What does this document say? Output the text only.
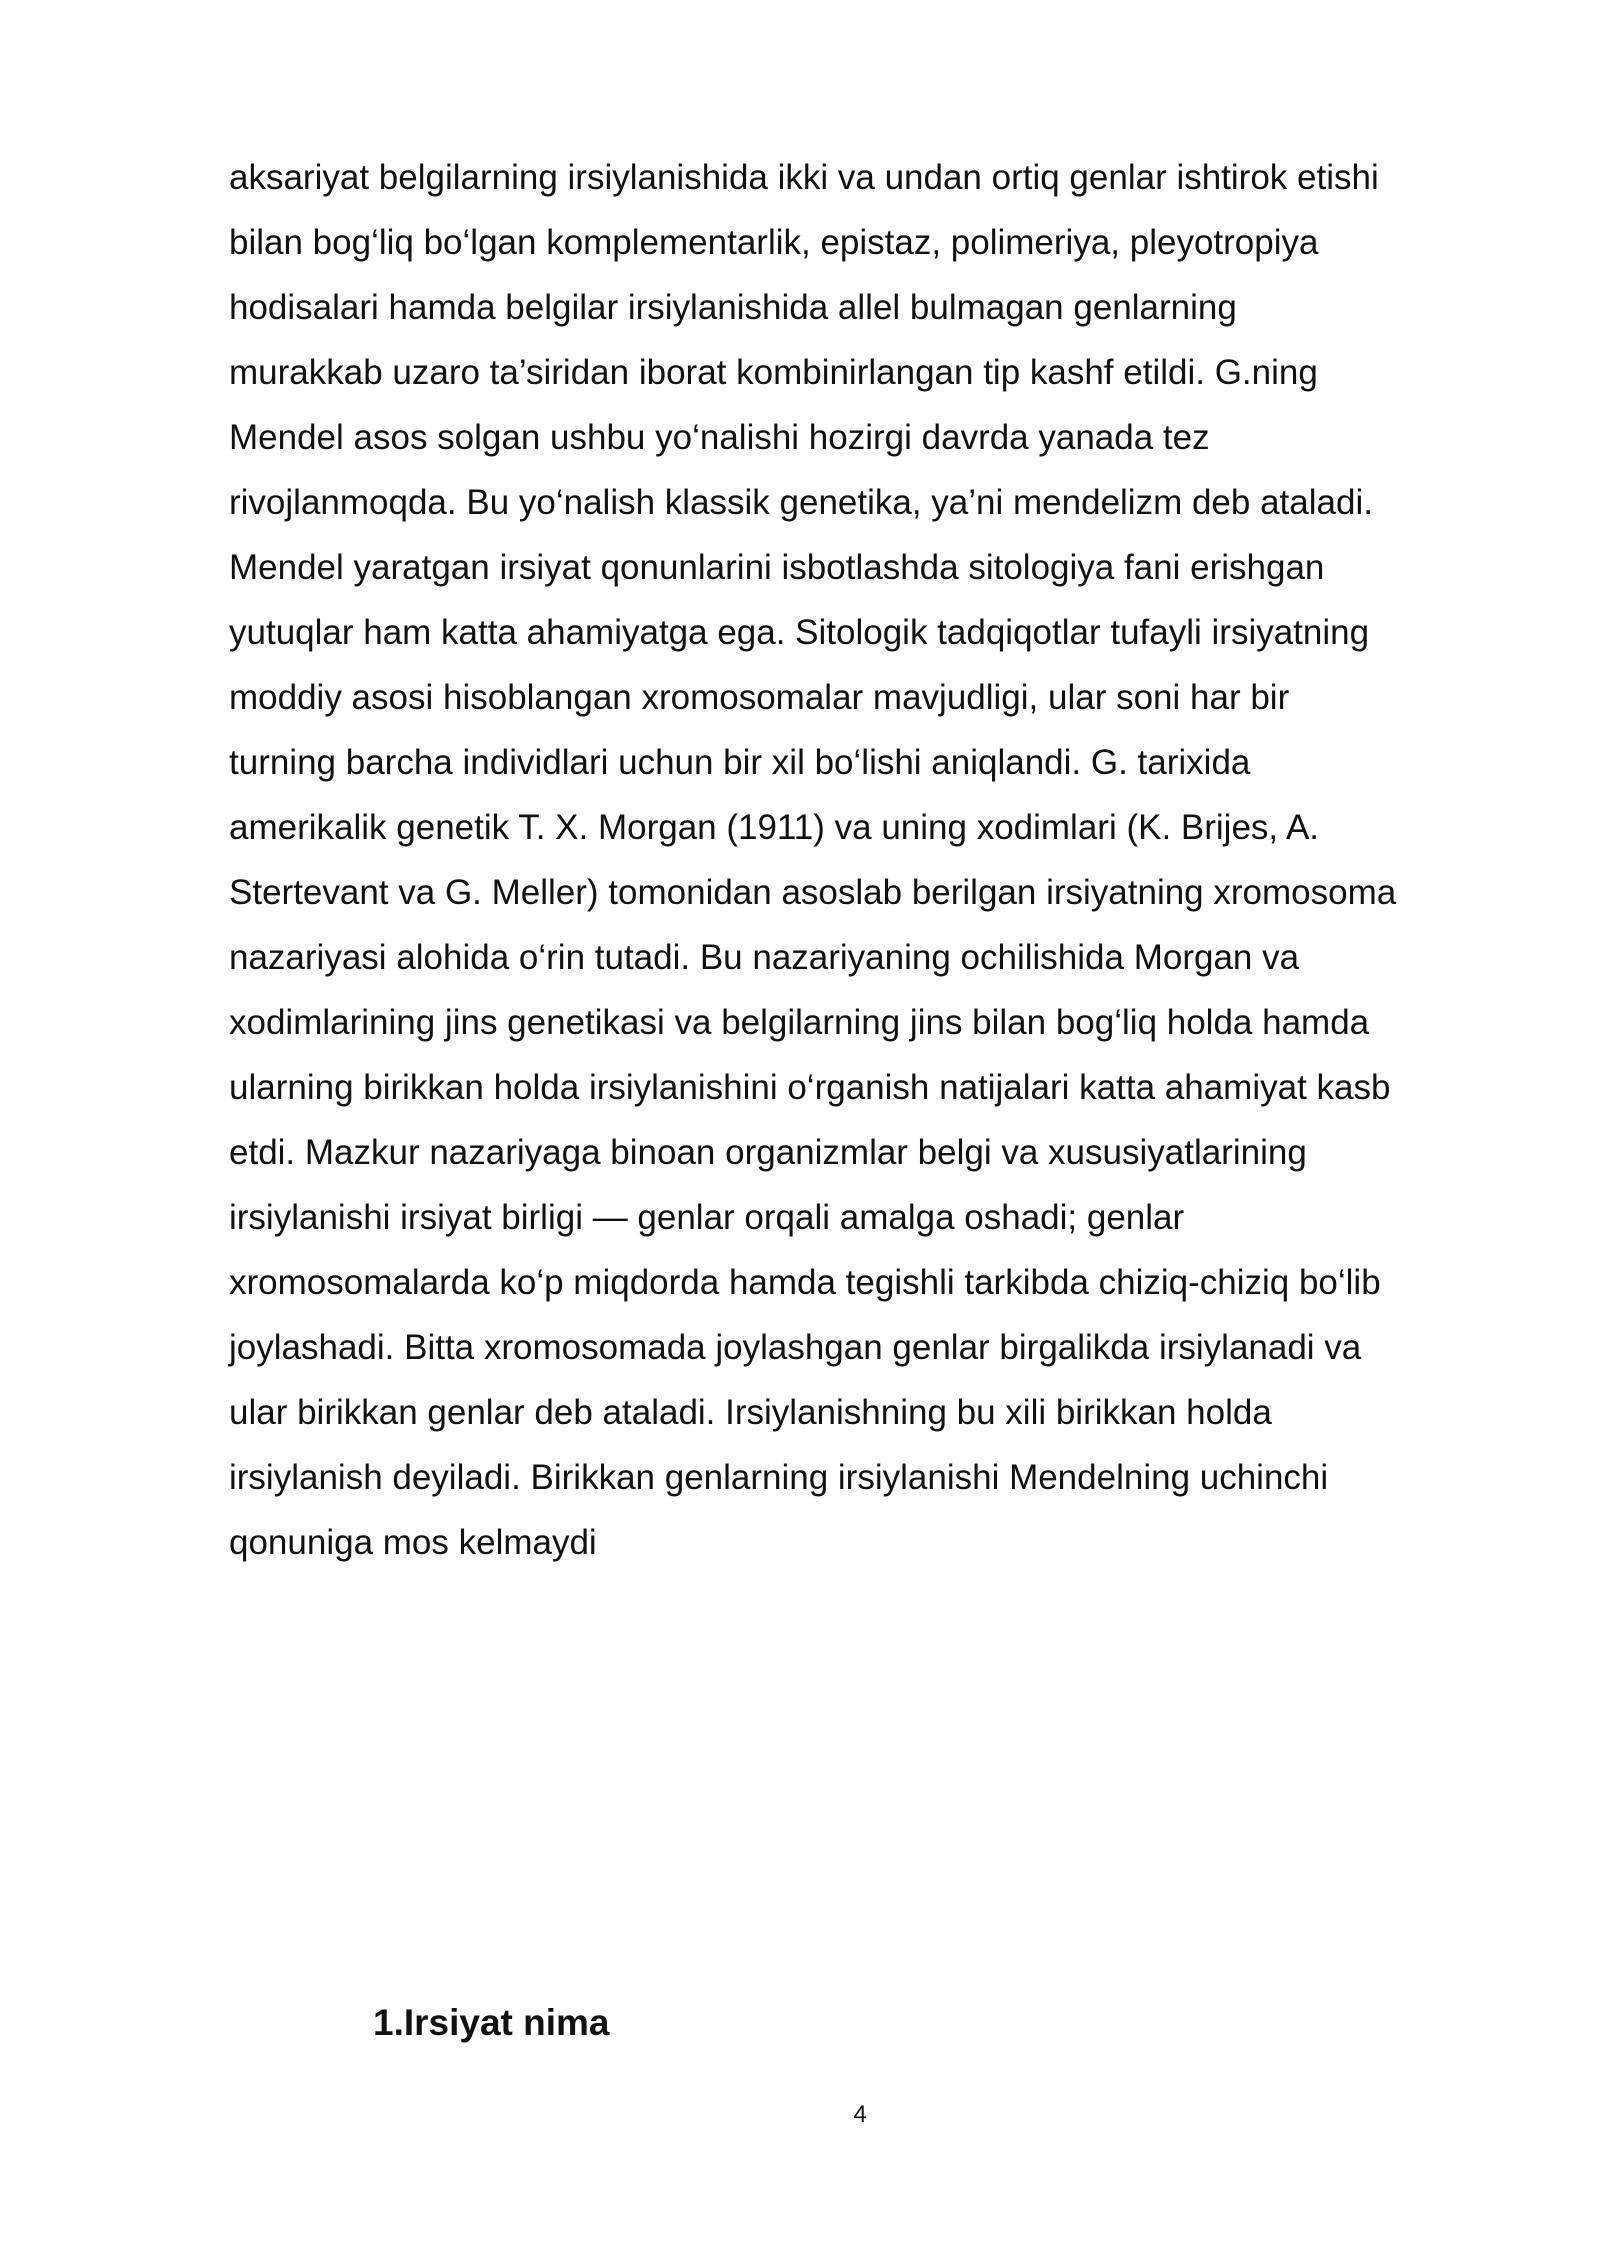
aksariyat belgilarning irsiylanishida ikki va undan ortiq genlar ishtirok etishi
bilan bog‘liq bo‘lgan komplementarlik, epistaz, polimeriya, pleyotropiya
hodisalari hamda belgilar irsiylanishida allel bulmagan genlarning
murakkab uzaro ta’siridan iborat kombinirlangan tip kashf etildi. G.ning
Mendel asos solgan ushbu yo‘nalishi hozirgi davrda yanada tez
rivojlanmoqda. Bu yo‘nalish klassik genetika, ya’ni mendelizm deb ataladi.
Mendel yaratgan irsiyat qonunlarini isbotlashda sitologiya fani erishgan
yutuqlar ham katta ahamiyatga ega. Sitologik tadqiqotlar tufayli irsiyatning
moddiy asosi hisoblangan xromosomalar mavjudligi, ular soni har bir
turning barcha individlari uchun bir xil bo‘lishi aniqlandi. G. tarixida
amerikalik genetik T. X. Morgan (1911) va uning xodimlari (K. Brijes, A.
Stertevant va G. Meller) tomonidan asoslab berilgan irsiyatning xromosoma
nazariyasi alohida o‘rin tutadi. Bu nazariyaning ochilishida Morgan va
xodimlarining jins genetikasi va belgilarning jins bilan bog‘liq holda hamda
ularning birikkan holda irsiylanishini o‘rganish natijalari katta ahamiyat kasb
etdi. Mazkur nazariyaga binoan organizmlar belgi va xususiyatlarining
irsiylanishi irsiyat birligi — genlar orqali amalga oshadi; genlar
xromosomalarda ko‘p miqdorda hamda tegishli tarkibda chiziq-chiziq bo‘lib
joylashadi. Bitta xromosomada joylashgan genlar birgalikda irsiylanadi va
ular birikkan genlar deb ataladi. Irsiylanishning bu xili birikkan holda
irsiylanish deyiladi. Birikkan genlarning irsiylanishi Mendelning uchinchi
qonuniga mos kelmaydi
1.Irsiyat nima
4
